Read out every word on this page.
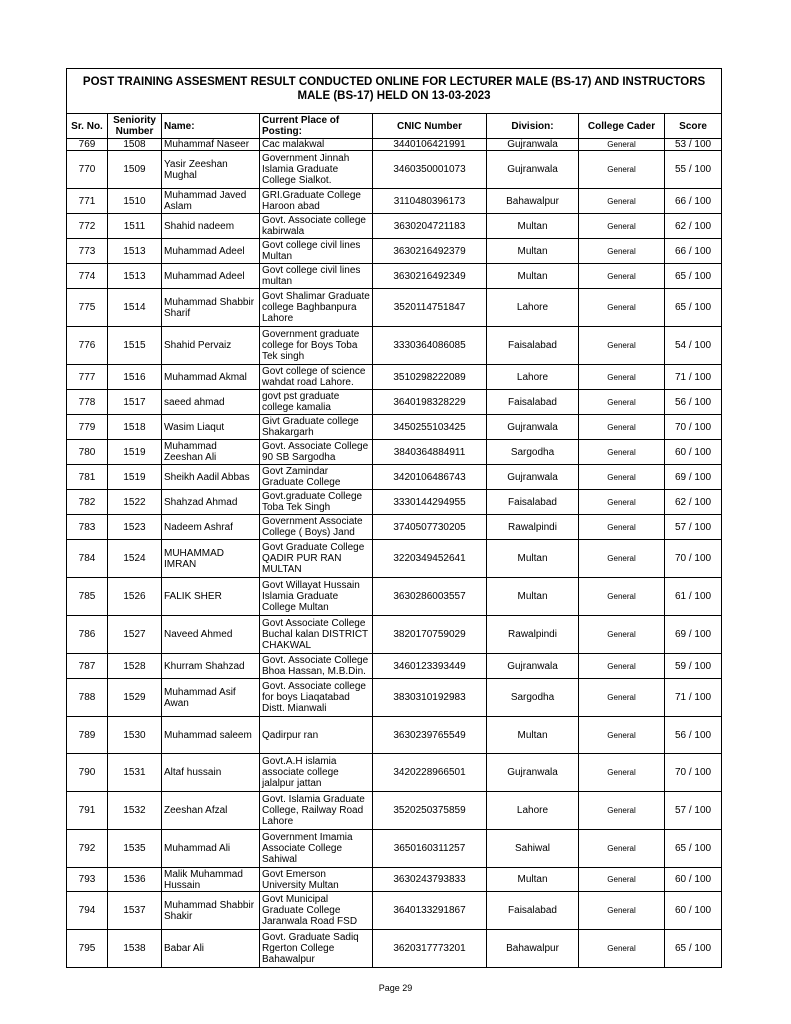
POST TRAINING ASSESMENT RESULT CONDUCTED ONLINE FOR LECTURER MALE (BS-17) AND INSTRUCTORS MALE (BS-17) HELD ON 13-03-2023							
Sr. No.	Seniority Number	Name:	Current Place of Posting:	CNIC Number	Division:	College Cader	Score
769	1508	Muhammaf Naseer	Cac malakwal	3440106421991	Gujranwala	General	53 / 100
770	1509	Yasir Zeeshan Mughal	Government Jinnah Islamia Graduate College Sialkot.	3460350001073	Gujranwala	General	55 / 100
771	1510	Muhammad Javed Aslam	GRI.Graduate College Haroon abad	3110480396173	Bahawalpur	General	66 / 100
772	1511	Shahid nadeem	Govt. Associate college kabirwala	3630204721183	Multan	General	62 / 100
773	1513	Muhammad Adeel	Govt college civil lines Multan	3630216492379	Multan	General	66 / 100
774	1513	Muhammad Adeel	Govt college civil lines multan	3630216492349	Multan	General	65 / 100
775	1514	Muhammad Shabbir Sharif	Govt Shalimar Graduate college Baghbanpura Lahore	3520114751847	Lahore	General	65 / 100
776	1515	Shahid Pervaiz	Government graduate college for Boys Toba Tek singh	3330364086085	Faisalabad	General	54 / 100
777	1516	Muhammad Akmal	Govt college of science wahdat road Lahore.	3510298222089	Lahore	General	71 / 100
778	1517	saeed ahmad	govt pst graduate college kamalia	3640198328229	Faisalabad	General	56 / 100
779	1518	Wasim Liaqut	Givt Graduate college Shakargarh	3450255103425	Gujranwala	General	70 / 100
780	1519	Muhammad Zeeshan Ali	Govt. Associate College 90 SB Sargodha	3840364884911	Sargodha	General	60 / 100
781	1519	Sheikh Aadil Abbas	Govt Zamindar Graduate College	3420106486743	Gujranwala	General	69 / 100
782	1522	Shahzad Ahmad	Govt.graduate College Toba Tek Singh	3330144294955	Faisalabad	General	62 / 100
783	1523	Nadeem Ashraf	Government Associate College ( Boys) Jand	3740507730205	Rawalpindi	General	57 / 100
784	1524	MUHAMMAD IMRAN	Govt Graduate College QADIR PUR RAN MULTAN	3220349452641	Multan	General	70 / 100
785	1526	FALIK SHER	Govt Willayat Hussain Islamia Graduate College Multan	3630286003557	Multan	General	61 / 100
786	1527	Naveed Ahmed	Govt Associate College Buchal kalan DISTRICT CHAKWAL	3820170759029	Rawalpindi	General	69 / 100
787	1528	Khurram Shahzad	Govt. Associate College Bhoa Hassan, M.B.Din.	3460123393449	Gujranwala	General	59 / 100
788	1529	Muhammad Asif Awan	Govt. Associate college for boys Liaqatabad Distt. Mianwali	3830310192983	Sargodha	General	71 / 100
789	1530	Muhammad saleem	Qadirpur ran	3630239765549	Multan	General	56 / 100
790	1531	Altaf hussain	Govt.A.H islamia associate college jalalpur jattan	3420228966501	Gujranwala	General	70 / 100
791	1532	Zeeshan Afzal	Govt. Islamia Graduate College, Railway Road Lahore	3520250375859	Lahore	General	57 / 100
792	1535	Muhammad Ali	Government Imamia Associate College Sahiwal	3650160311257	Sahiwal	General	65 / 100
793	1536	Malik Muhammad Hussain	Govt Emerson University Multan	3630243793833	Multan	General	60 / 100
794	1537	Muhammad Shabbir Shakir	Govt Municipal Graduate College Jaranwala Road FSD	3640133291867	Faisalabad	General	60 / 100
795	1538	Babar Ali	Govt. Graduate Sadiq Rgerton College Bahawalpur	3620317773201	Bahawalpur	General	65 / 100
Page 29
